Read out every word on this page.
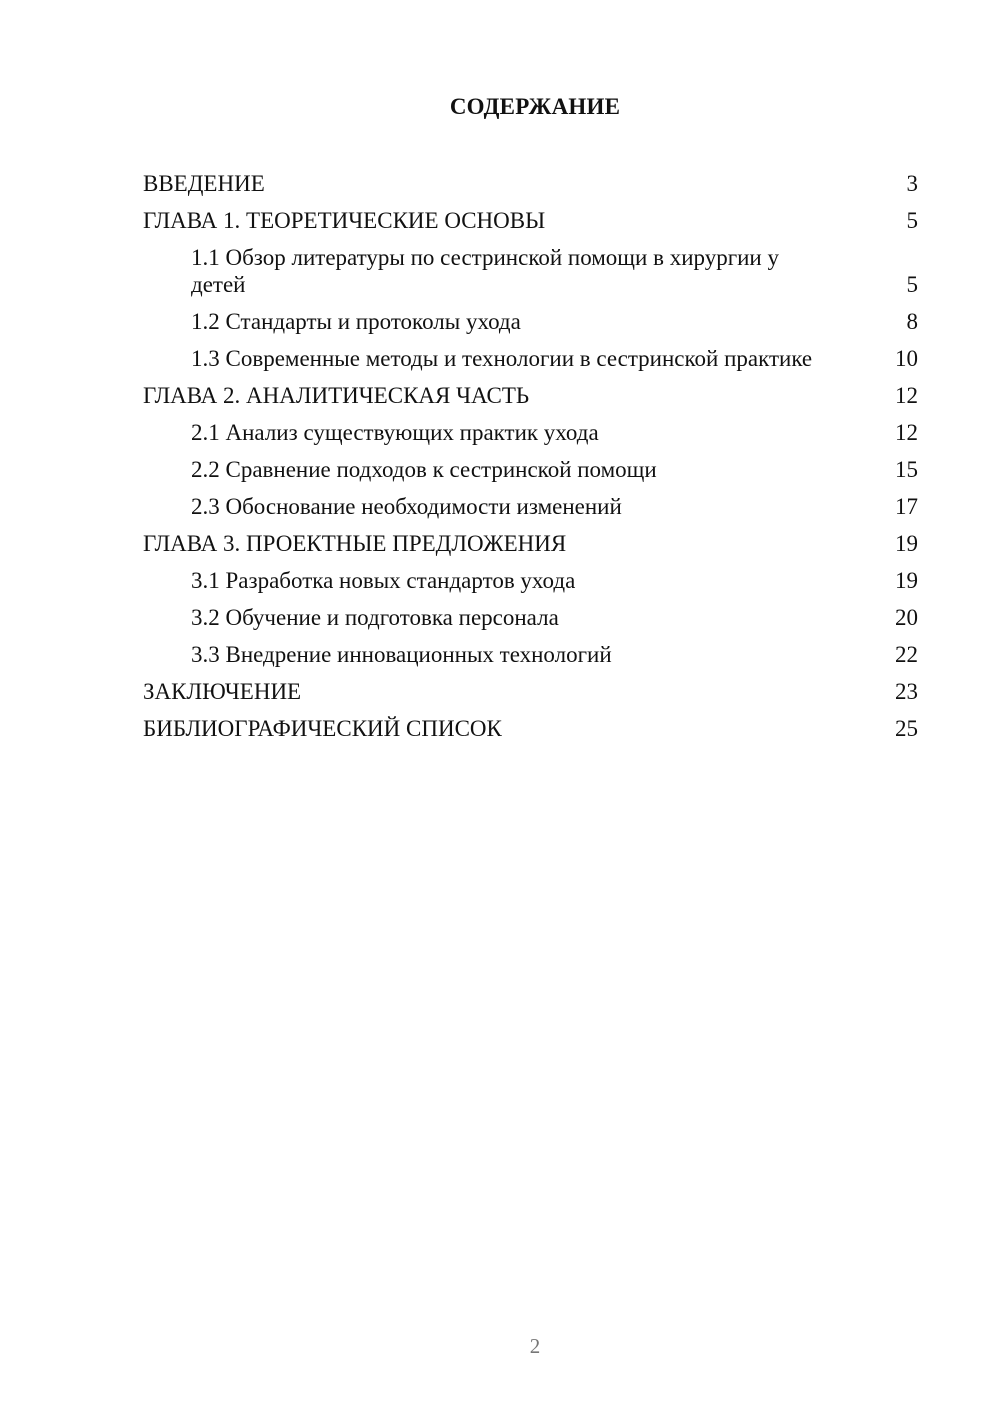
СОДЕРЖАНИЕ
ВВЕДЕНИЕ	3
ГЛАВА 1. ТЕОРЕТИЧЕСКИЕ ОСНОВЫ	5
1.1 Обзор литературы по сестринской помощи в хирургии у детей	5
1.2 Стандарты и протоколы ухода	8
1.3 Современные методы и технологии в сестринской практике	10
ГЛАВА 2. АНАЛИТИЧЕСКАЯ ЧАСТЬ	12
2.1 Анализ существующих практик ухода	12
2.2 Сравнение подходов к сестринской помощи	15
2.3 Обоснование необходимости изменений	17
ГЛАВА 3. ПРОЕКТНЫЕ ПРЕДЛОЖЕНИЯ	19
3.1 Разработка новых стандартов ухода	19
3.2 Обучение и подготовка персонала	20
3.3 Внедрение инновационных технологий	22
ЗАКЛЮЧЕНИЕ	23
БИБЛИОГРАФИЧЕСКИЙ СПИСОК	25
2
